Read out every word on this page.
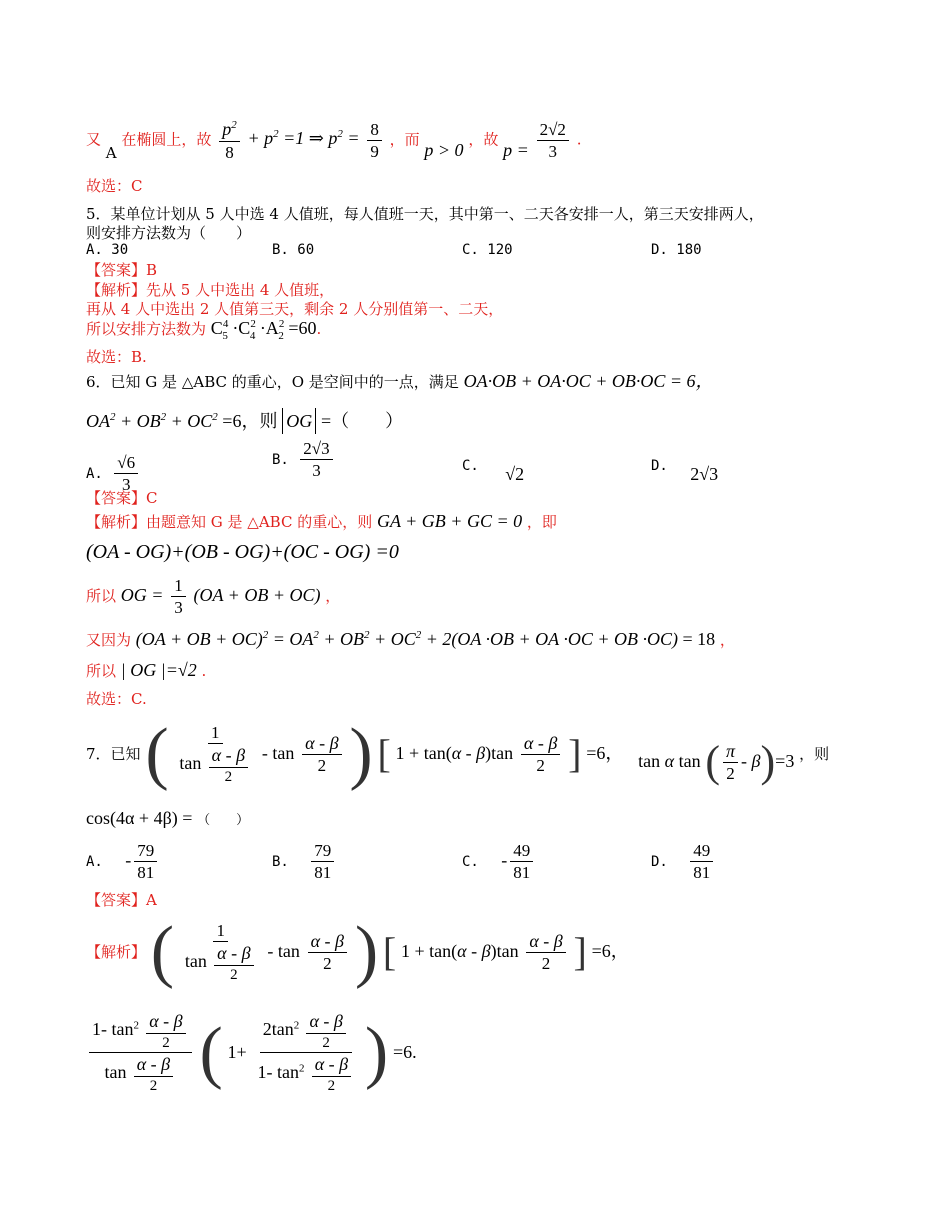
又 A 在椭圆上，故 $\frac{p^2}{8} + p^2 =1$ ⇒ $p^2 = \frac{8}{9}$ ，而 p > 0 ，故 $p = \frac{2√2}{3}$ .
故选：C
5．某单位计划从 5 人中选 4 人值班，每人值班一天，其中第一、二天各安排一人，第三天安排两人，
则安排方法数为（　　）
A. 30	B. 60	C. 120	D. 180
【答案】B
【解析】先从 5 人中选出 4 人值班，
再从 4 人中选出 2 人值第三天，剩余 2 人分别值第一、二天，
所以安排方法数为 $C^4_5 \cdot C^2_4 \cdot A^2_2 =60$.
故选：B.
6．已知 G 是 △ABC 的重心，O 是空间中的一点，满足 OA·OB + OA·OC + OB·OC = 6，
$OA^2 + OB^2 + OC^2 =6$，则 OG =（　　）
A. $\frac{√6}{3}$	B. $\frac{2√3}{3}$	C. √2	D. 2√3
【答案】C
【解析】由题意知 G 是 △ABC 的重心，则 GA + GB + GC = 0 ，即
(OA - OG)+(OB - OG)+(OC - OG) =0
所以 OG = $\frac{1}{3} (OA$ + OB + OC) ，
又因为 (OA + OB + $OC)^2 = OA^2 + OB^2 + OC^2 + 2(OA \cdot OB$ + OA ·OC + OB ·OC) = 18 ，
所以 | OG |=√2 .
故选：C.
7．已知 ( $\frac{1}{\tan \frac{\alpha - \beta}{2}}$ - $\tan \frac{\alpha - \beta}{2}$ ) [ $1 + \tan(\alpha - \beta)\tan \frac{\alpha - \beta}{2}$ ] =6， tan α tan ( $\frac{\pi}{2} - \beta)=3$ ，则
cos(4α + 4β) = （　　）
A. - $\frac{79}{81}$	B. $\frac{79}{81}$	C. - $\frac{49}{81}$	D. $\frac{49}{81}$
【答案】A
【解析】 ( $\frac{1}{\tan \frac{\alpha - \beta}{2}}$ - $\tan \frac{\alpha - \beta}{2}$ ) [ $1 + \tan(\alpha - \beta)\tan \frac{\alpha - \beta}{2}$ ] =6，
$\frac{1- \tan^2 \frac{\alpha - \beta}{2}}{\tan \frac{\alpha - \beta}{2}}$ ( $1+ \frac{2\tan^2 \frac{\alpha - \beta}{2}}{1- \tan^2 \frac{\alpha - \beta}{2}}$ ) =6.
